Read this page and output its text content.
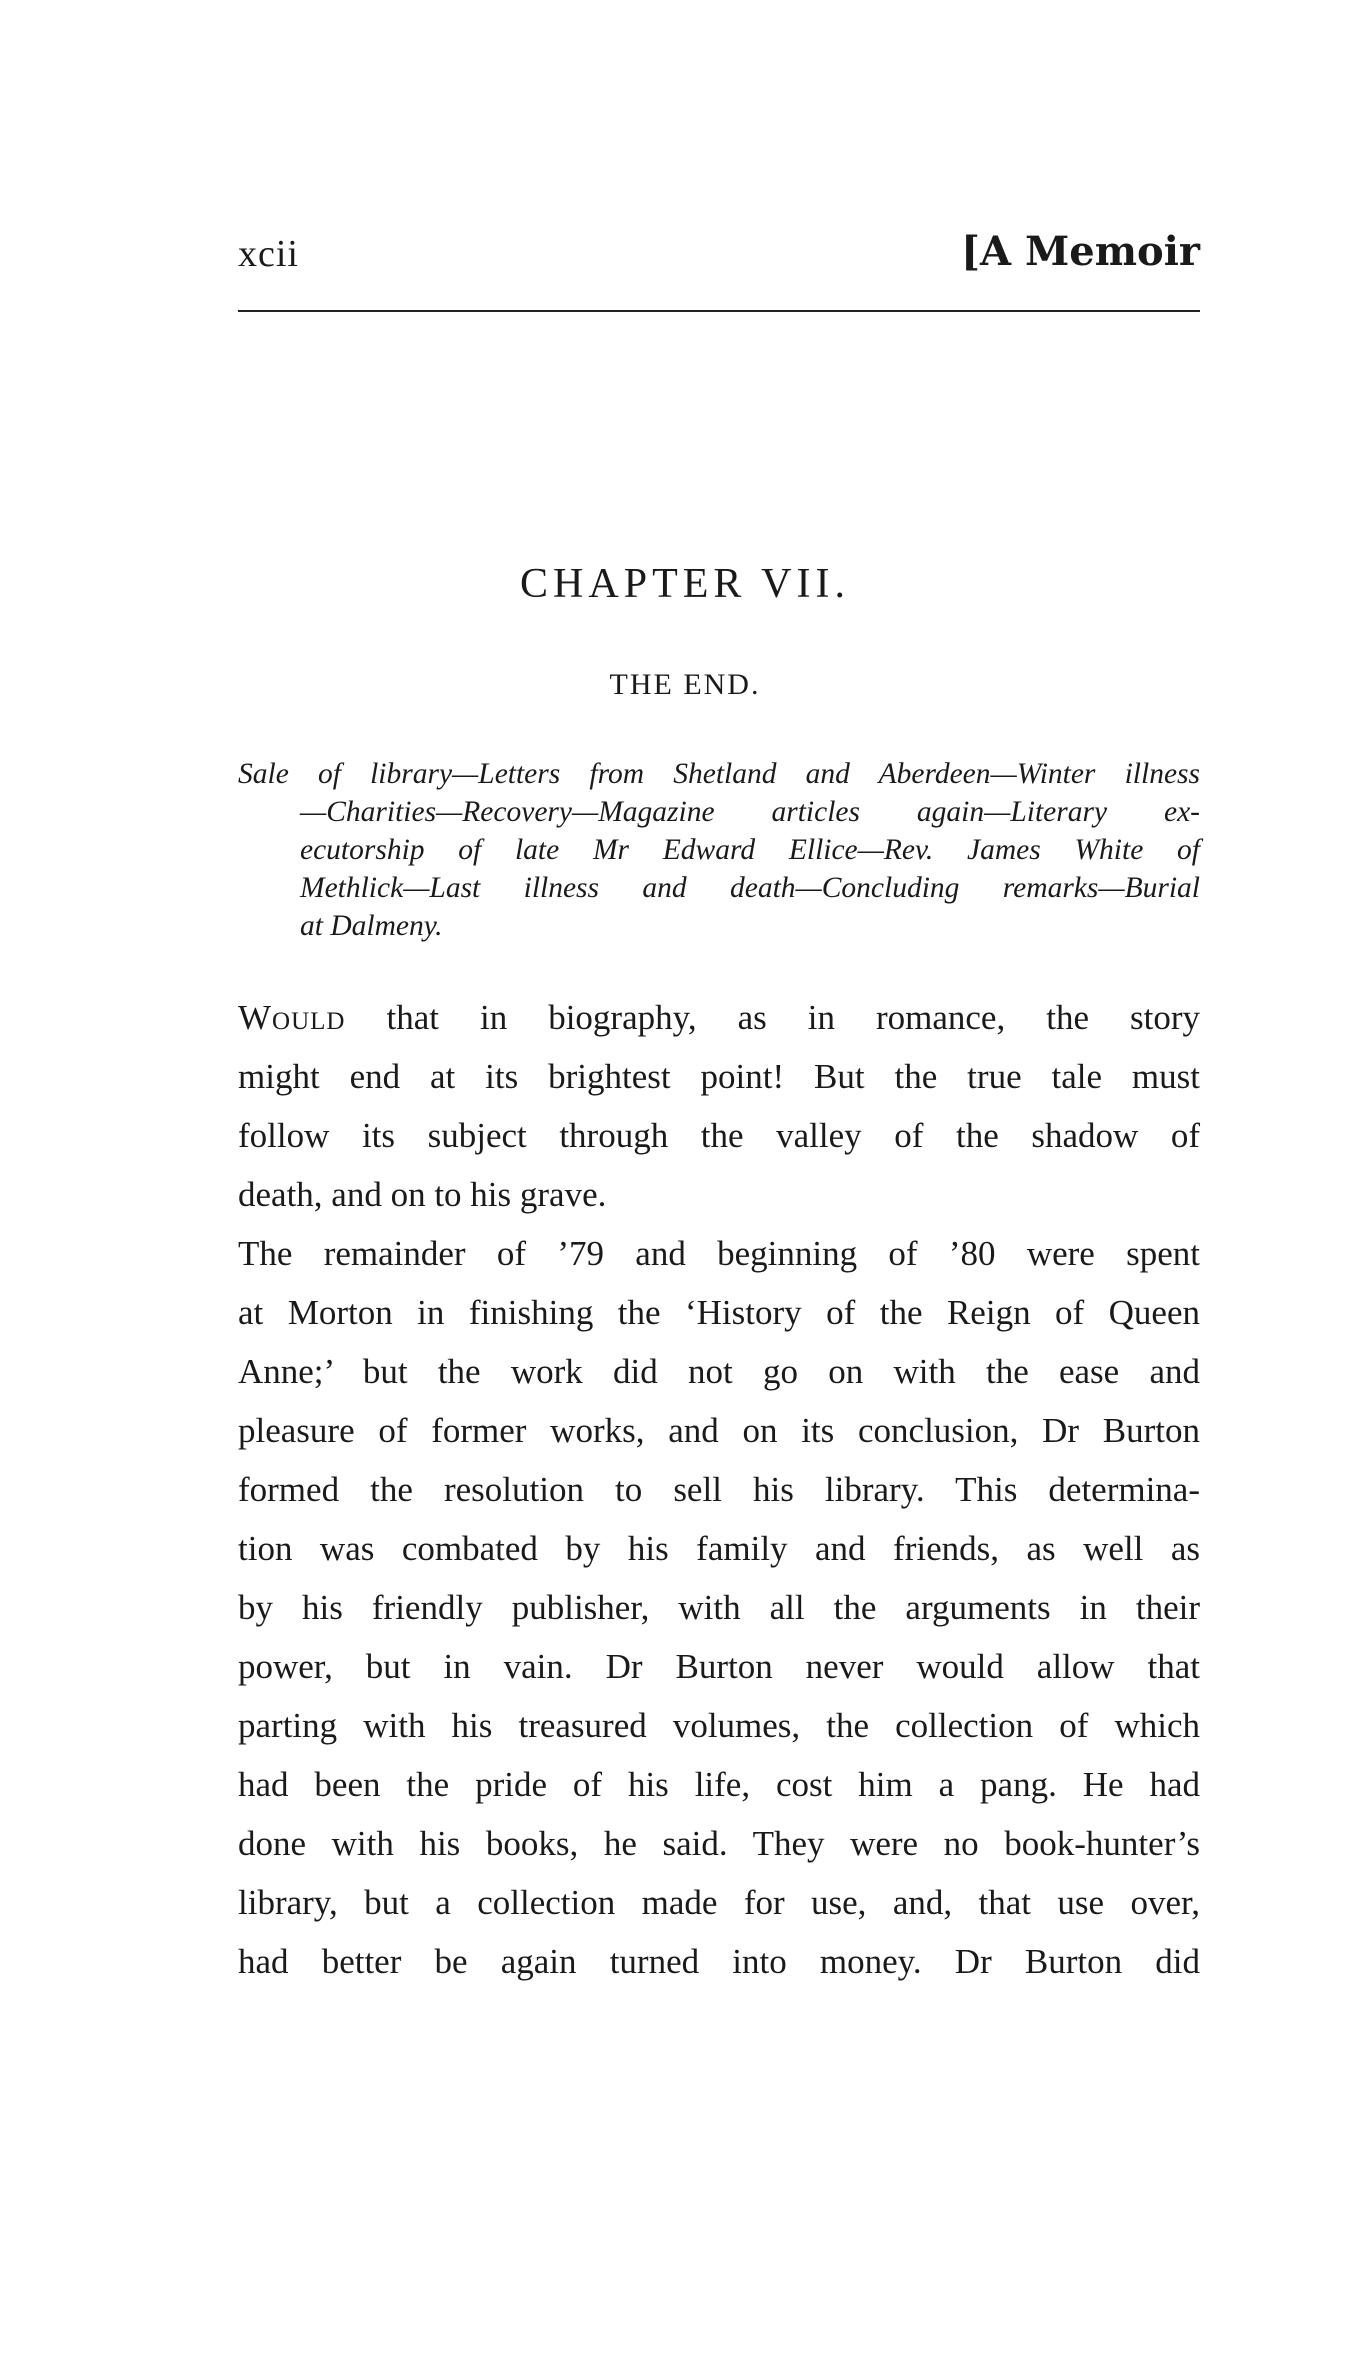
xcii	[A Memoir
CHAPTER VII.
THE END.
Sale of library—Letters from Shetland and Aberdeen—Winter illness
—Charities—Recovery—Magazine articles again—Literary ex-
ecutorship of late Mr Edward Ellice—Rev. James White of
Methlick—Last illness and death—Concluding remarks—Burial
at Dalmeny.
Would that in biography, as in romance, the story
might end at its brightest point! But the true tale must
follow its subject through the valley of the shadow of
death, and on to his grave.
The remainder of ’79 and beginning of ’80 were spent
at Morton in finishing the ‘History of the Reign of Queen
Anne;’ but the work did not go on with the ease and
pleasure of former works, and on its conclusion, Dr Burton
formed the resolution to sell his library. This determina-
tion was combated by his family and friends, as well as
by his friendly publisher, with all the arguments in their
power, but in vain. Dr Burton never would allow that
parting with his treasured volumes, the collection of which
had been the pride of his life, cost him a pang. He had
done with his books, he said. They were no book-hunter’s
library, but a collection made for use, and, that use over,
had better be again turned into money. Dr Burton did
